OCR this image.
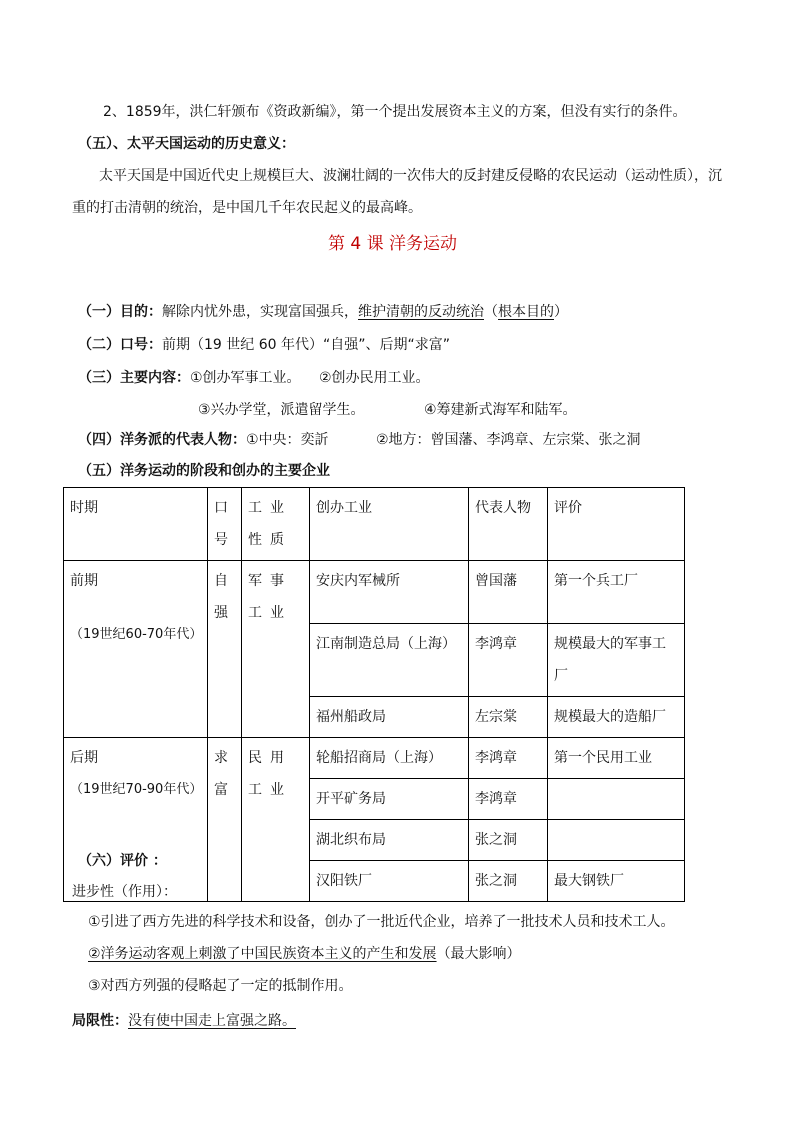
2、1859年，洪仁轩颁布《资政新编》，第一个提出发展资本主义的方案，但没有实行的条件。
（五）、太平天国运动的历史意义：
太平天国是中国近代史上规模巨大、波澜壮阔的一次伟大的反封建反侵略的农民运动（运动性质），沉
重的打击清朝的统治，是中国几千年农民起义的最高峰。
第 4 课 洋务运动
（一）目的：解除内忧外患，实现富国强兵，维护清朝的反动统治（根本目的）
（二）口号：前期（19 世纪 60 年代）“自强”、后期“求富”
（三）主要内容：①创办军事工业。 ②创办民用工业。
③兴办学堂，派遣留学生。	④筹建新式海军和陆军。
（四）洋务派的代表人物：①中央：奕訢	②地方：曾国藩、李鸿章、左宗棠、张之洞
（五）洋务运动的阶段和创办的主要企业
时期	口号	工业性质	创办工业	代表人物	评价
前期
（19世纪60-70年代）	自强	军事工业	安庆内军械所	曾国藩	第一个兵工厂
			江南制造总局（上海）	李鸿章	规模最大的军事工厂
			福州船政局	左宗棠	规模最大的造船厂
后期
（19世纪70-90年代）	求富	民用工业	轮船招商局（上海）	李鸿章	第一个民用工业
			开平矿务局	李鸿章	
			湖北织布局	张之洞	
			汉阳铁厂	张之洞	最大钢铁厂
（六）评价 ：
进步性（作用）：
①引进了西方先进的科学技术和设备，创办了一批近代企业，培养了一批技术人员和技术工人。
②洋务运动客观上刺激了中国民族资本主义的产生和发展（最大影响）
③对西方列强的侵略起了一定的抵制作用。
局限性：没有使中国走上富强之路。
